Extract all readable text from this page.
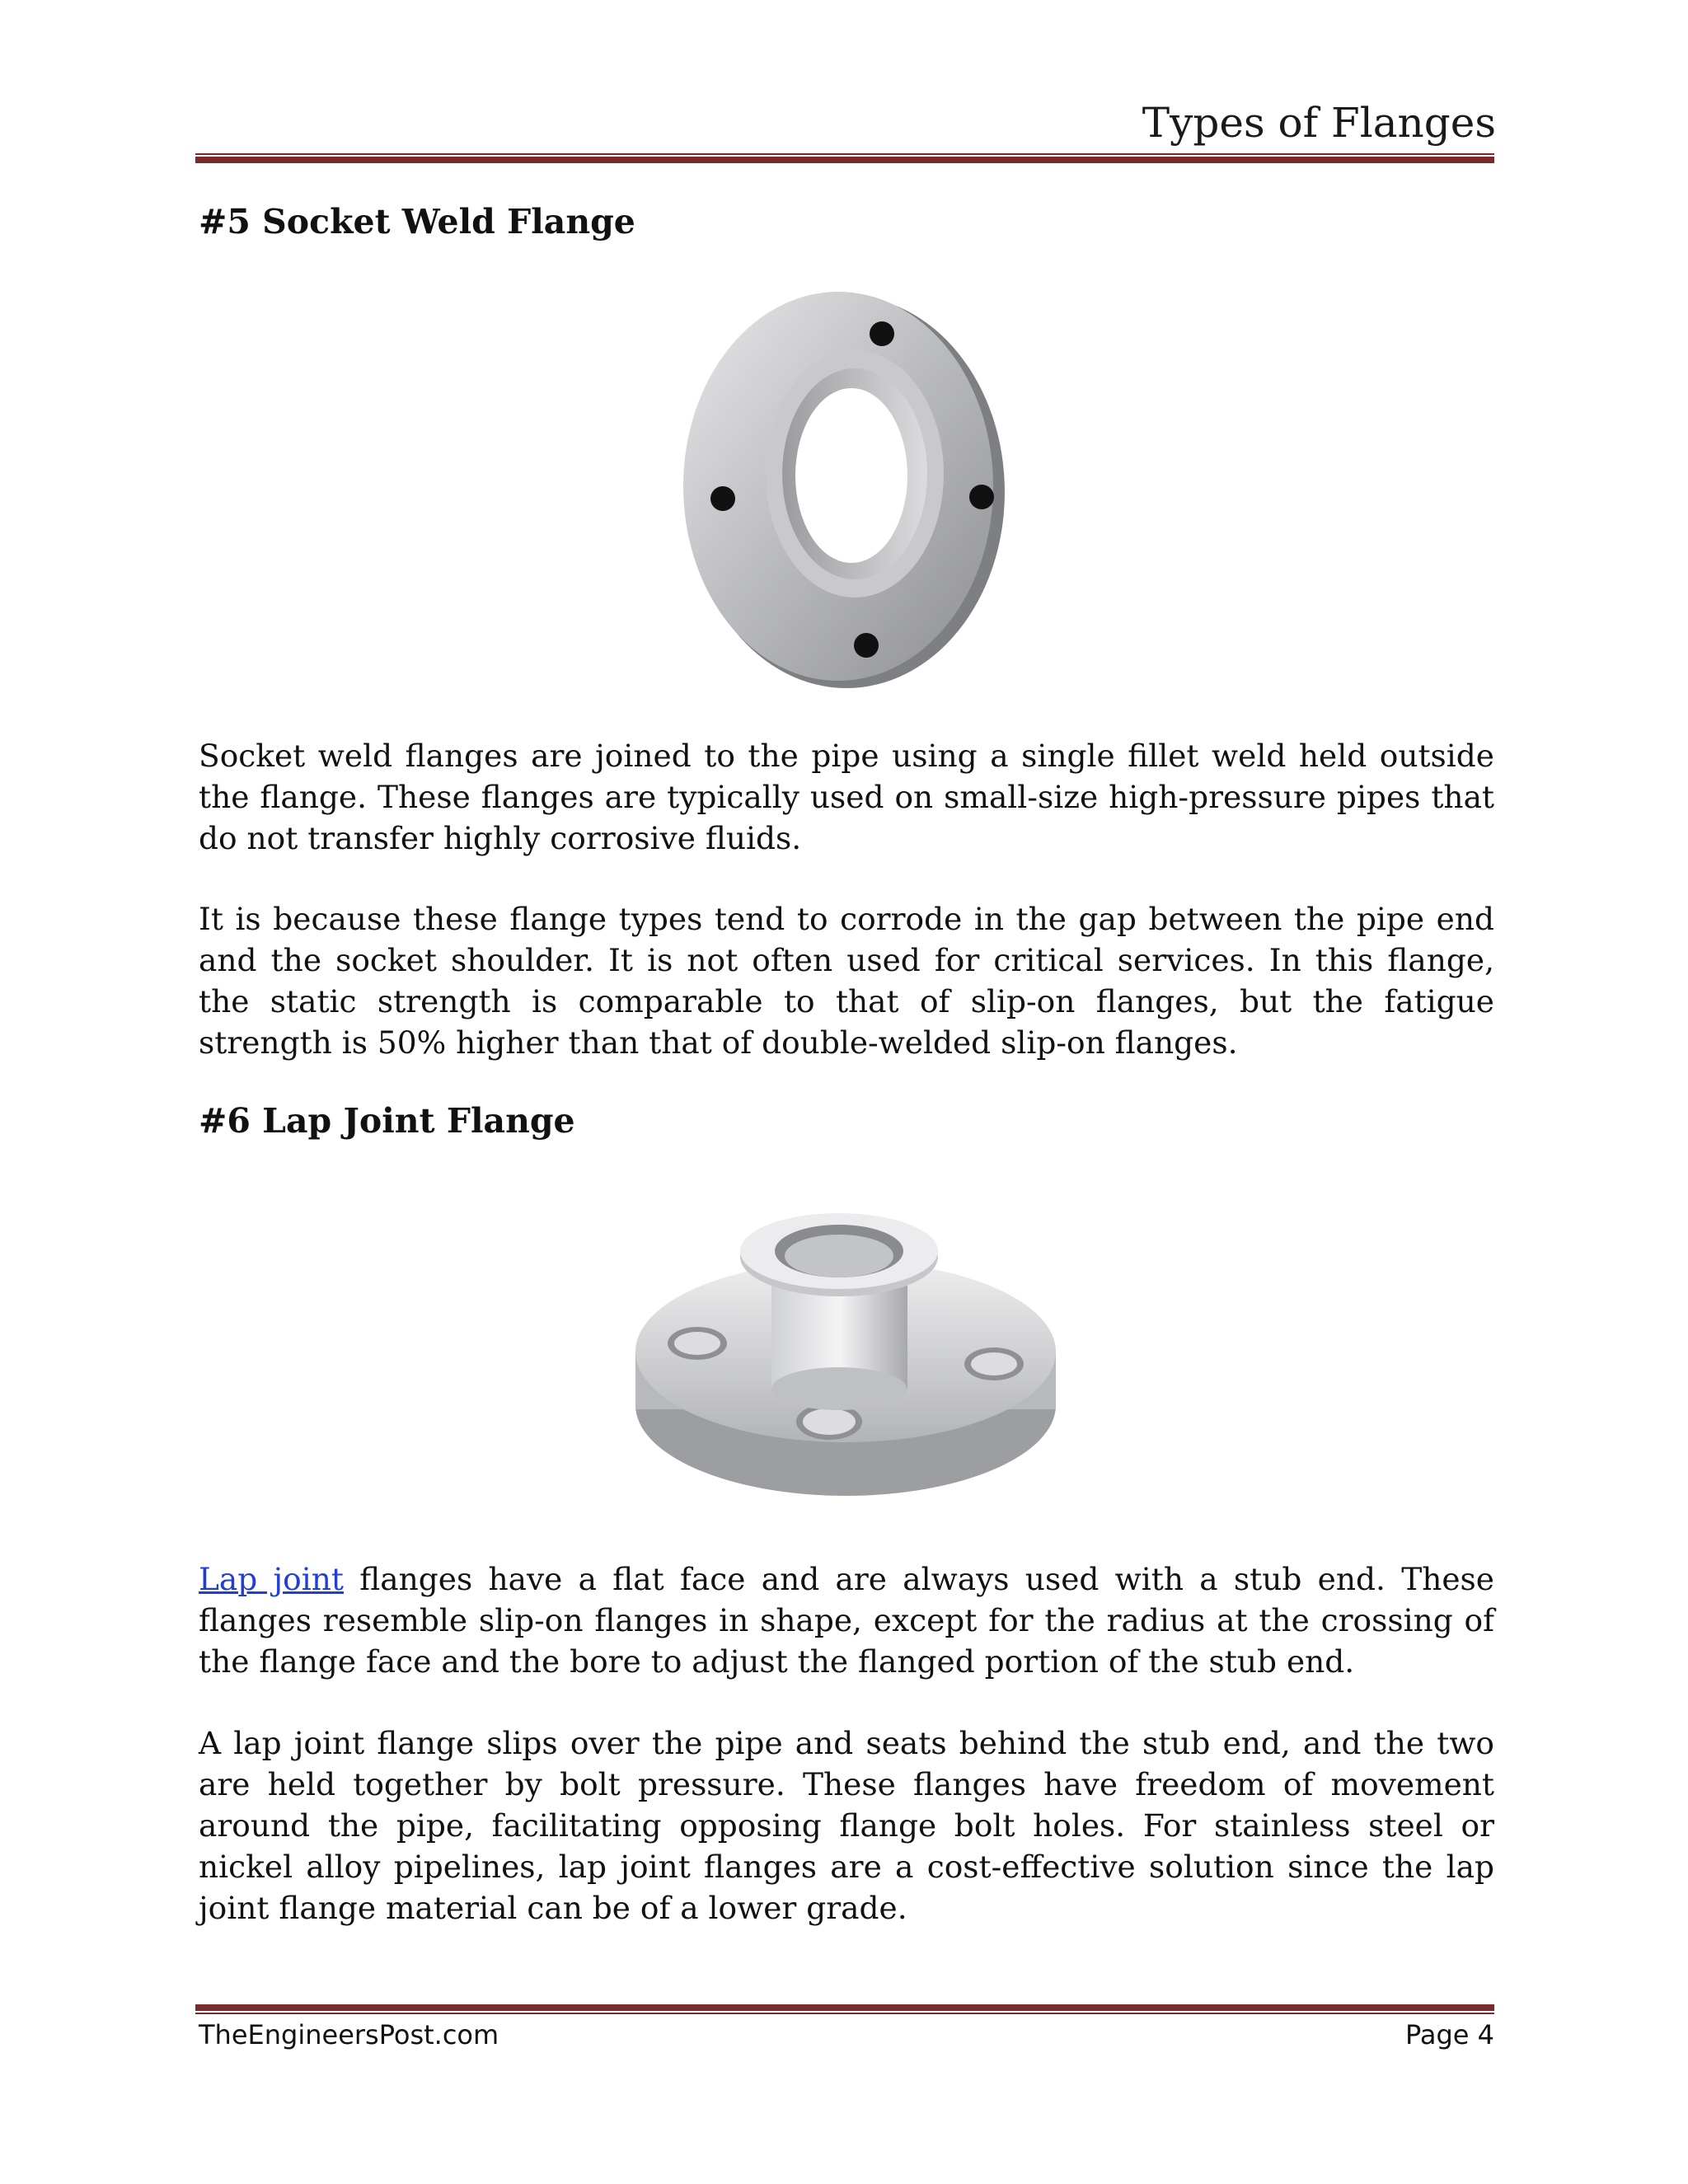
Types of Flanges
#5 Socket Weld Flange

Socket weld flanges are joined to the pipe using a single fillet weld held outside the flange. These flanges are typically used on small-size high-pressure pipes that do not transfer highly corrosive fluids.

It is because these flange types tend to corrode in the gap between the pipe end and the socket shoulder. It is not often used for critical services. In this flange, the static strength is comparable to that of slip-on flanges, but the fatigue strength is 50% higher than that of double-welded slip-on flanges.

#6 Lap Joint Flange

Lap joint flanges have a flat face and are always used with a stub end. These flanges resemble slip-on flanges in shape, except for the radius at the crossing of the flange face and the bore to adjust the flanged portion of the stub end.

A lap joint flange slips over the pipe and seats behind the stub end, and the two are held together by bolt pressure. These flanges have freedom of movement around the pipe, facilitating opposing flange bolt holes. For stainless steel or nickel alloy pipelines, lap joint flanges are a cost-effective solution since the lap joint flange material can be of a lower grade.

TheEngineersPost.com	Page 4
